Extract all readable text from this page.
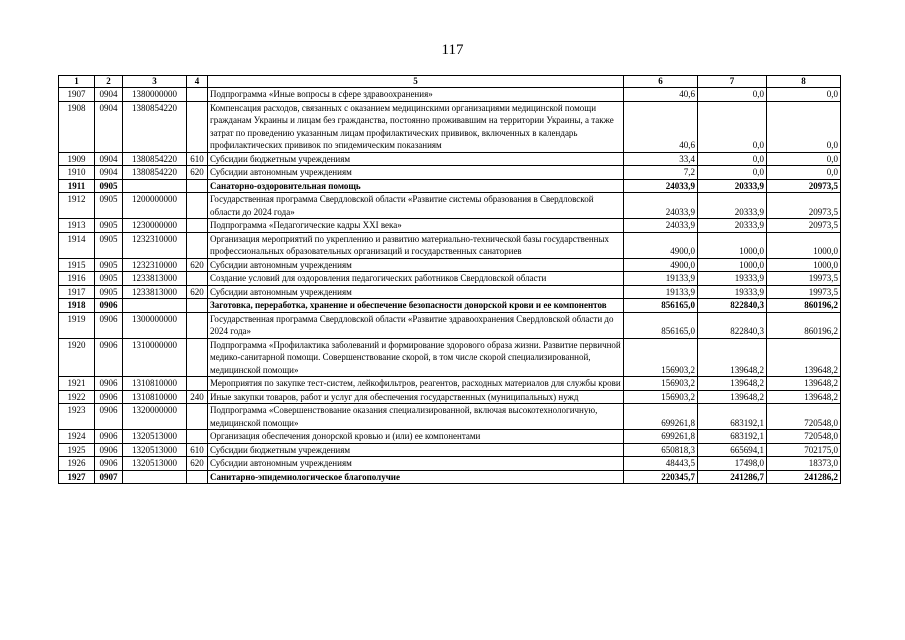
117
1	2	3	4	5	6	7	8
1907	0904	1380000000		Подпрограмма «Иные вопросы в сфере здравоохранения»	40,6	0,0	0,0
1908	0904	1380854220		Компенсация расходов, связанных с оказанием медицинскими организациями медицинской помощи гражданам Украины и лицам без гражданства, постоянно проживавшим на территории Украины, а также затрат по проведению указанным лицам профилактических прививок, включенных в календарь профилактических прививок по эпидемическим показаниям	40,6	0,0	0,0
1909	0904	1380854220	610	Субсидии бюджетным учреждениям	33,4	0,0	0,0
1910	0904	1380854220	620	Субсидии автономным учреждениям	7,2	0,0	0,0
1911	0905			Санаторно-оздоровительная помощь	24033,9	20333,9	20973,5
1912	0905	1200000000		Государственная программа Свердловской области «Развитие системы образования в Свердловской области до 2024 года»	24033,9	20333,9	20973,5
1913	0905	1230000000		Подпрограмма «Педагогические кадры XXI века»	24033,9	20333,9	20973,5
1914	0905	1232310000		Организация мероприятий по укреплению и развитию материально-технической базы государственных профессиональных образовательных организаций и государственных санаториев	4900,0	1000,0	1000,0
1915	0905	1232310000	620	Субсидии автономным учреждениям	4900,0	1000,0	1000,0
1916	0905	1233813000		Создание условий для оздоровления педагогических работников Свердловской области	19133,9	19333,9	19973,5
1917	0905	1233813000	620	Субсидии автономным учреждениям	19133,9	19333,9	19973,5
1918	0906			Заготовка, переработка, хранение и обеспечение безопасности донорской крови и ее компонентов	856165,0	822840,3	860196,2
1919	0906	1300000000		Государственная программа Свердловской области «Развитие здравоохранения Свердловской области до 2024 года»	856165,0	822840,3	860196,2
1920	0906	1310000000		Подпрограмма «Профилактика заболеваний и формирование здорового образа жизни. Развитие первичной медико-санитарной помощи. Совершенствование скорой, в том числе скорой специализированной, медицинской помощи»	156903,2	139648,2	139648,2
1921	0906	1310810000		Мероприятия по закупке тест-систем, лейкофильтров, реагентов, расходных материалов для службы крови	156903,2	139648,2	139648,2
1922	0906	1310810000	240	Иные закупки товаров, работ и услуг для обеспечения государственных (муниципальных) нужд	156903,2	139648,2	139648,2
1923	0906	1320000000		Подпрограмма «Совершенствование оказания специализированной, включая высокотехнологичную, медицинской помощи»	699261,8	683192,1	720548,0
1924	0906	1320513000		Организация обеспечения донорской кровью и (или) ее компонентами	699261,8	683192,1	720548,0
1925	0906	1320513000	610	Субсидии бюджетным учреждениям	650818,3	665694,1	702175,0
1926	0906	1320513000	620	Субсидии автономным учреждениям	48443,5	17498,0	18373,0
1927	0907			Санитарно-эпидемиологическое благополучие	220345,7	241286,7	241286,2
